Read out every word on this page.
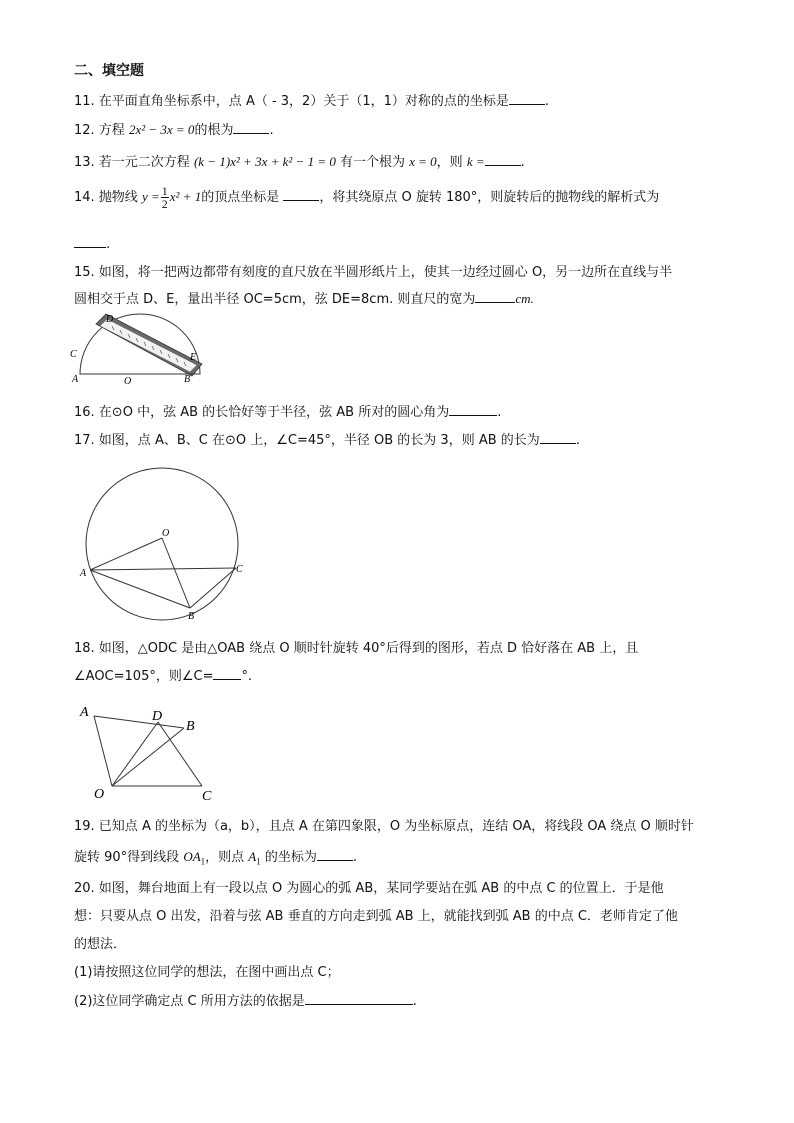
二、填空题
11. 在平面直角坐标系中，点 A（ - 3，2）关于（1，1）对称的点的坐标是	.
12. 方程 2x² − 3x = 0的根为	.
13. 若一元二次方程 (k − 1)x² + 3x + k² − 1 = 0 有一个根为 x = 0，则 k =	.
14. 抛物线 $y = \frac{1}{2} x^2 + 1$的顶点坐标是	，将其绕原点 O 旋转 180°，则旋转后的抛物线的解析式为
.
15. 如图，将一把两边都带有刻度的直尺放在半圆形纸片上，使其一边经过圆心 O，另一边所在直线与半
圆相交于点 D、E，量出半径 OC=5cm，弦 DE=8cm. 则直尺的宽为	cm.
D
C
A	O
E
B
16. 在⊙O 中，弦 AB 的长恰好等于半径，弦 AB 所对的圆心角为	.
17. 如图，点 A、B、C 在⊙O 上，∠C=45°，半径 OB 的长为 3，则 AB 的长为	.
O
A
B
C
18. 如图，△ODC 是由△OAB 绕点 O 顺时针旋转 40°后得到的图形，若点 D 恰好落在 AB 上，且
∠AOC=105°，则∠C= °.
A	D
B
O	C
19. 已知点 A 的坐标为（a，b），且点 A 在第四象限，O 为坐标原点，连结 OA，将线段 OA 绕点 O 顺时针
旋转 90°得到线段 $OA_1$，则点 $A_1$ 的坐标为	.
20. 如图，舞台地面上有一段以点 O 为圆心的弧 AB，某同学要站在弧 AB 的中点 C 的位置上．于是他
想：只要从点 O 出发，沿着与弦 AB 垂直的方向走到弧 AB 上，就能找到弧 AB 的中点 C．老师肯定了他
的想法．
(1)请按照这位同学的想法，在图中画出点 C；
(2)这位同学确定点 C 所用方法的依据是	.
